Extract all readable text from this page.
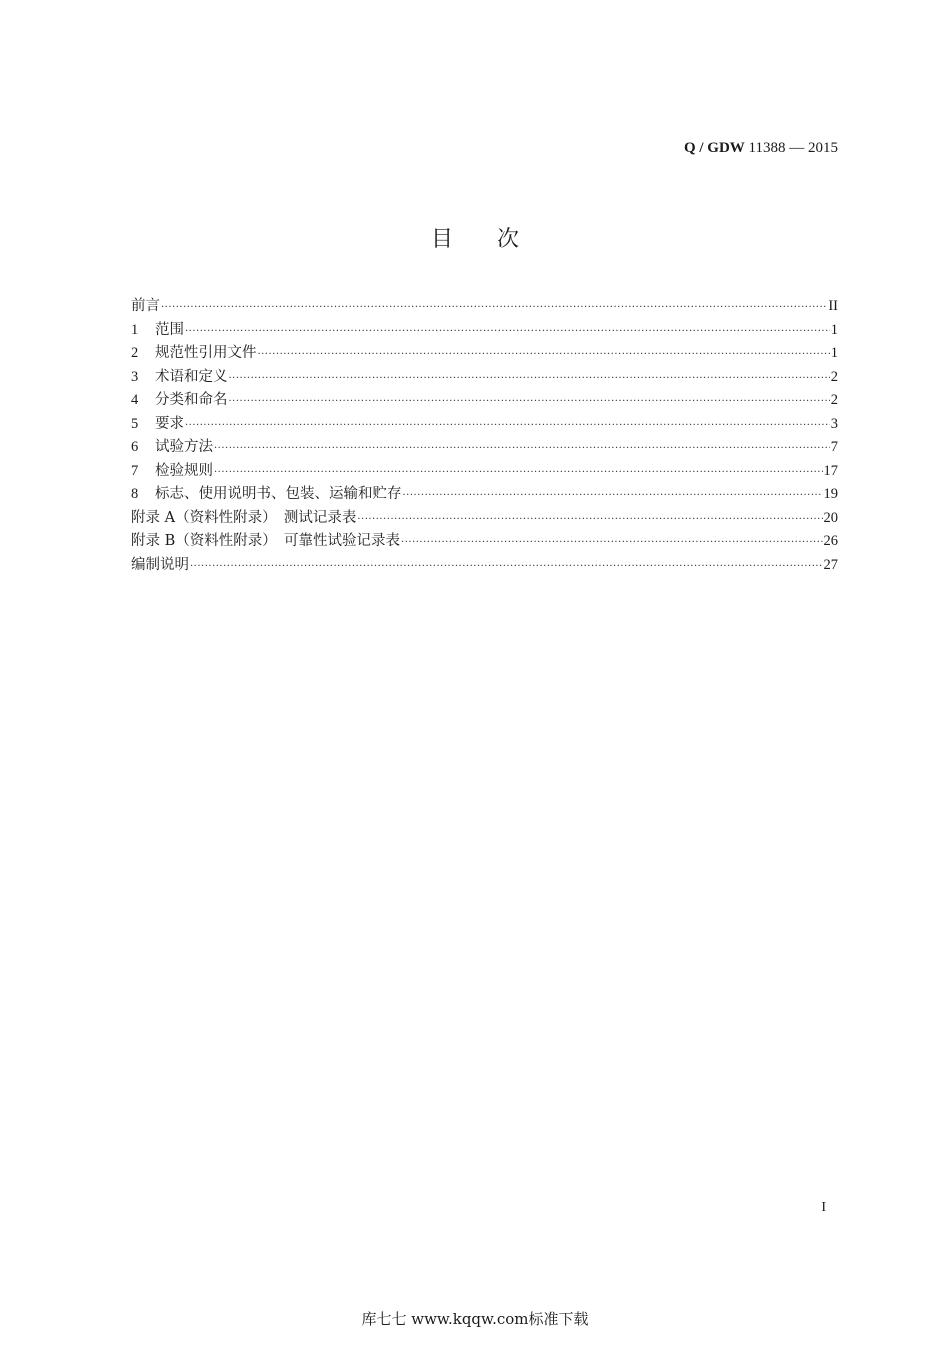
Q / GDW 11388 — 2015
目 次
前言 ·····	II
1 范围 ·····	1
2 规范性引用文件 ·····	1
3 术语和定义 ·····	2
4 分类和命名 ·····	2
5 要求 ·····	3
6 试验方法 ·····	7
7 检验规则 ·····	17
8 标志、使用说明书、包装、运输和贮存 ·····	19
附录 A（资料性附录）　测试记录表 ·····	20
附录 B（资料性附录）　可靠性试验记录表 ·····	26
编制说明 ·····	27
I
库七七 www.kqqw.com标准下载
